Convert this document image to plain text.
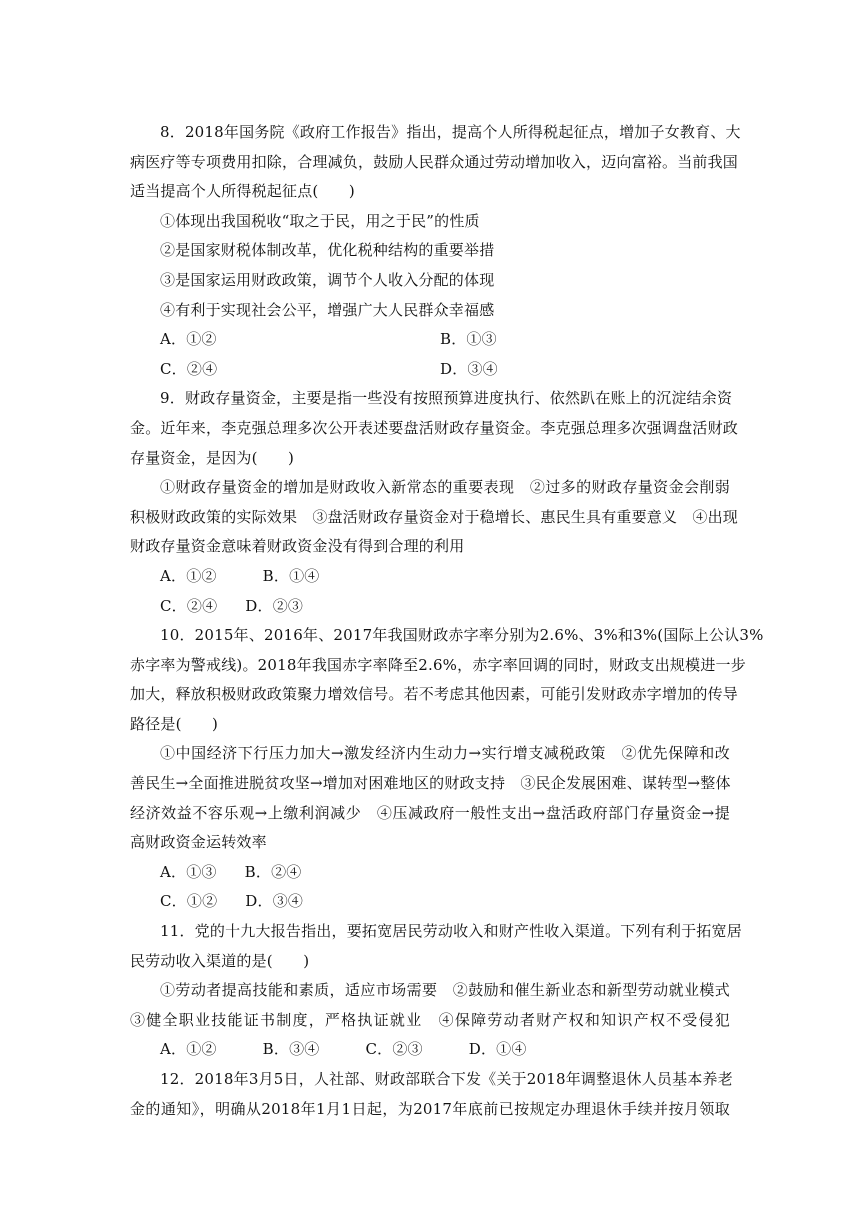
8．2018年国务院《政府工作报告》指出，提高个人所得税起征点，增加子女教育、大
病医疗等专项费用扣除，合理减负，鼓励人民群众通过劳动增加收入，迈向富裕。当前我国
适当提高个人所得税起征点(　　)
①体现出我国税收“取之于民，用之于民”的性质
②是国家财税体制改革，优化税种结构的重要举措
③是国家运用财政政策，调节个人收入分配的体现
④有利于实现社会公平，增强广大人民群众幸福感
A．①②	B．①③
C．②④	D．③④
9．财政存量资金，主要是指一些没有按照预算进度执行、依然趴在账上的沉淀结余资
金。近年来，李克强总理多次公开表述要盘活财政存量资金。李克强总理多次强调盘活财政
存量资金，是因为(　　)
①财政存量资金的增加是财政收入新常态的重要表现　②过多的财政存量资金会削弱
积极财政政策的实际效果　③盘活财政存量资金对于稳增长、惠民生具有重要意义　④出现
财政存量资金意味着财政资金没有得到合理的利用
A．①②	B．①④
C．②④ D．②③
10．2015年、2016年、2017年我国财政赤字率分别为2.6%、3%和3%(国际上公认3%
赤字率为警戒线)。2018年我国赤字率降至2.6%，赤字率回调的同时，财政支出规模进一步
加大，释放积极财政政策聚力增效信号。若不考虑其他因素，可能引发财政赤字增加的传导
路径是(　　)
①中国经济下行压力加大→激发经济内生动力→实行增支减税政策　②优先保障和改
善民生→全面推进脱贫攻坚→增加对困难地区的财政支持　③民企发展困难、谋转型→整体
经济效益不容乐观→上缴利润减少　④压减政府一般性支出→盘活政府部门存量资金→提
高财政资金运转效率
A．①③ B．②④
C．①② D．③④
11．党的十九大报告指出，要拓宽居民劳动收入和财产性收入渠道。下列有利于拓宽居
民劳动收入渠道的是(　　)
①劳动者提高技能和素质，适应市场需要　②鼓励和催生新业态和新型劳动就业模式
③健全职业技能证书制度，严格执证就业　④保障劳动者财产权和知识产权不受侵犯
A．①②	B．③④	C．②③	D．①④
12．2018年3月5日，人社部、财政部联合下发《关于2018年调整退休人员基本养老
金的通知》，明确从2018年1月1日起，为2017年底前已按规定办理退休手续并按月领取
